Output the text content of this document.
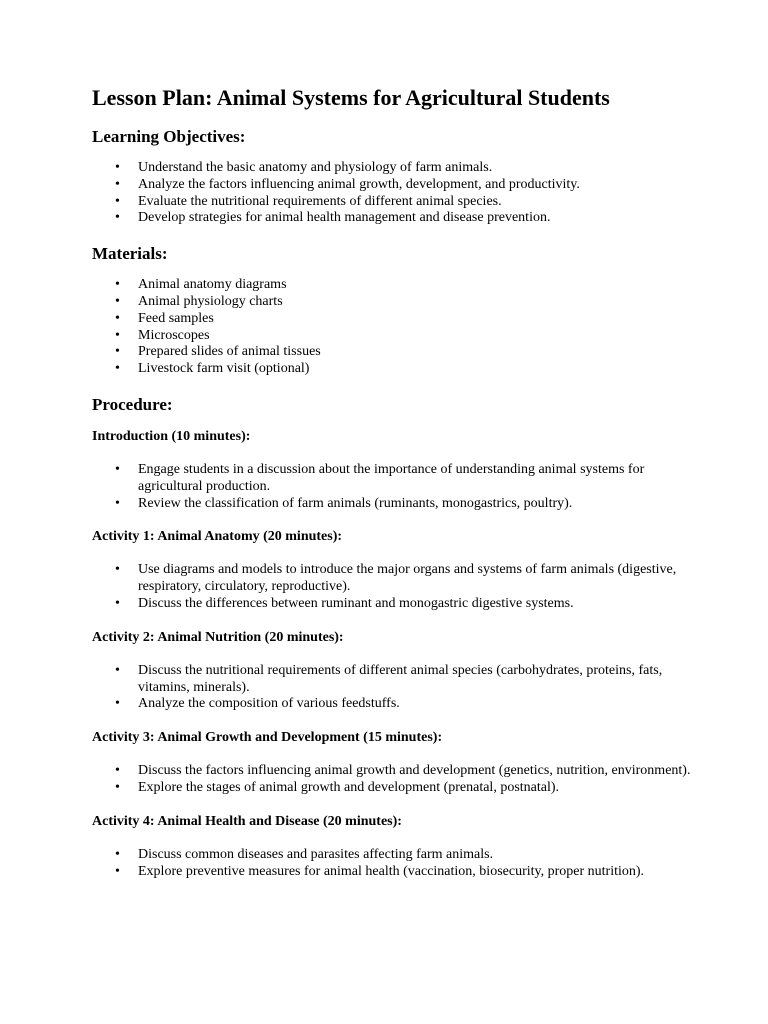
Lesson Plan: Animal Systems for Agricultural Students
Learning Objectives:
• Understand the basic anatomy and physiology of farm animals.
• Analyze the factors influencing animal growth, development, and productivity.
• Evaluate the nutritional requirements of different animal species.
• Develop strategies for animal health management and disease prevention.
Materials:
• Animal anatomy diagrams
• Animal physiology charts
• Feed samples
• Microscopes
• Prepared slides of animal tissues
• Livestock farm visit (optional)
Procedure:
Introduction (10 minutes):
• Engage students in a discussion about the importance of understanding animal systems for agricultural production.
• Review the classification of farm animals (ruminants, monogastrics, poultry).
Activity 1: Animal Anatomy (20 minutes):
• Use diagrams and models to introduce the major organs and systems of farm animals (digestive, respiratory, circulatory, reproductive).
• Discuss the differences between ruminant and monogastric digestive systems.
Activity 2: Animal Nutrition (20 minutes):
• Discuss the nutritional requirements of different animal species (carbohydrates, proteins, fats, vitamins, minerals).
• Analyze the composition of various feedstuffs.
Activity 3: Animal Growth and Development (15 minutes):
• Discuss the factors influencing animal growth and development (genetics, nutrition, environment).
• Explore the stages of animal growth and development (prenatal, postnatal).
Activity 4: Animal Health and Disease (20 minutes):
• Discuss common diseases and parasites affecting farm animals.
• Explore preventive measures for animal health (vaccination, biosecurity, proper nutrition).
